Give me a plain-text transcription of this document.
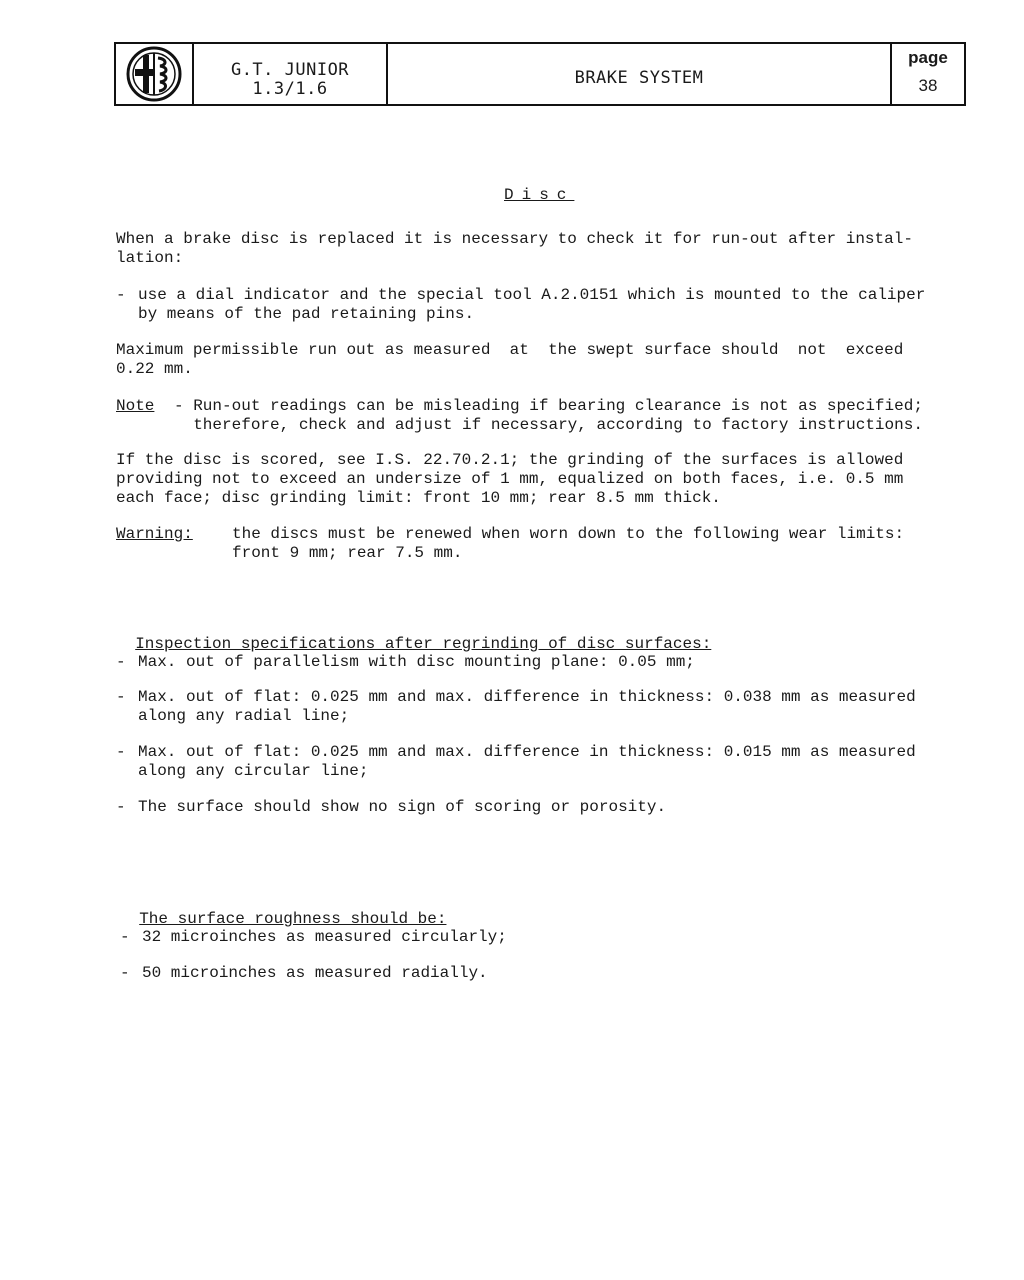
G.T. JUNIOR
1.3/1.6
BRAKE SYSTEM
page
38
Disc
When a brake disc is replaced it is necessary to check it for run-out after instal-
lation:
- use a dial indicator and the special tool A.2.0151 which is mounted to the caliper
by means of the pad retaining pins.
Maximum permissible run out as measured  at  the swept surface should  not  exceed
0.22 mm.
Note	- Run-out readings can be misleading if bearing clearance is not as specified;
therefore, check and adjust if necessary, according to factory instructions.
If the disc is scored, see I.S. 22.70.2.1; the grinding of the surfaces is allowed
providing not to exceed an undersize of 1 mm, equalized on both faces, i.e. 0.5 mm
each face; disc grinding limit: front 10 mm; rear 8.5 mm thick.
Warning:	the discs must be renewed when worn down to the following wear limits:
front 9 mm; rear 7.5 mm.

Inspection specifications after regrinding of disc surfaces:

- Max. out of parallelism with disc mounting plane: 0.05 mm;
- Max. out of flat: 0.025 mm and max. difference in thickness: 0.038 mm as measured
along any radial line;
- Max. out of flat: 0.025 mm and max. difference in thickness: 0.015 mm as measured
along any circular line;
- The surface should show no sign of scoring or porosity.

The surface roughness should be:

- 32 microinches as measured circularly;
- 50 microinches as measured radially.
